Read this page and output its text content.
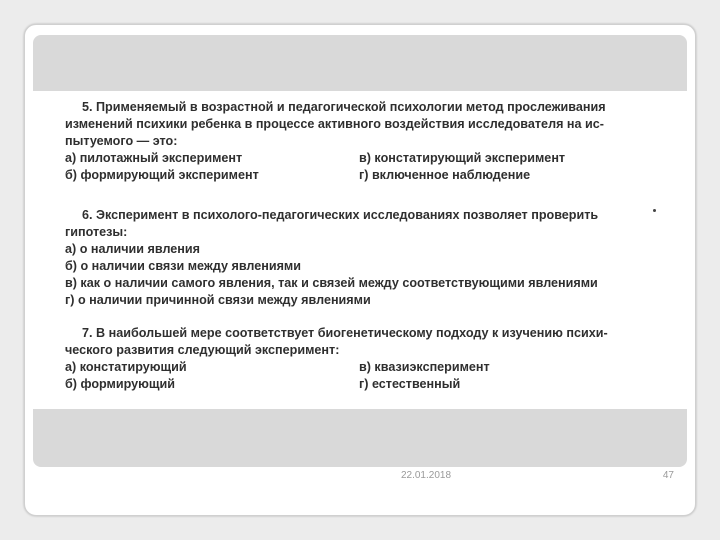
5. Применяемый в возрастной и педагогической психологии метод прослеживания
изменений психики ребенка в процессе активного воздействия исследователя на ис-
пытуемого — это:
а) пилотажный эксперимент	в) констатирующий эксперимент
б) формирующий эксперимент	г) включенное наблюдение
6. Эксперимент в психолого-педагогических исследованиях позволяет проверить
гипотезы:
а) о наличии явления
б) о наличии связи между явлениями
в) как о наличии самого явления, так и связей между соответствующими явлениями
г) о наличии причинной связи между явлениями
7. В наибольшей мере соответствует биогенетическому подходу к изучению психи-
ческого развития следующий эксперимент:
а) констатирующий	в) квазиэксперимент
б) формирующий	г) естественный
22.01.2018	47
